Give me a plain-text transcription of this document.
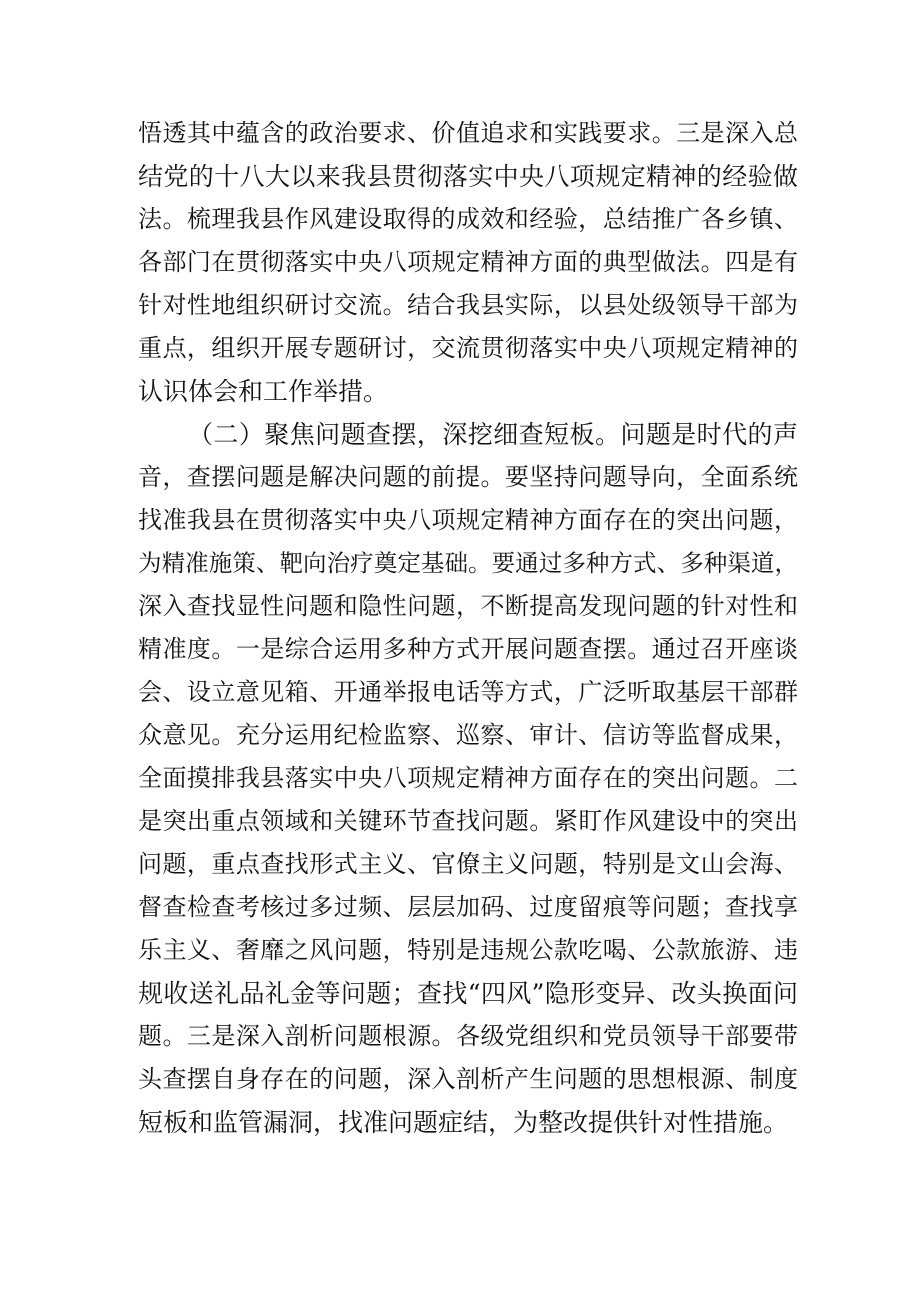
悟透其中蕴含的政治要求、价值追求和实践要求。三是深入总
结党的十八大以来我县贯彻落实中央八项规定精神的经验做
法。梳理我县作风建设取得的成效和经验，总结推广各乡镇、
各部门在贯彻落实中央八项规定精神方面的典型做法。四是有
针对性地组织研讨交流。结合我县实际，以县处级领导干部为
重点，组织开展专题研讨，交流贯彻落实中央八项规定精神的
认识体会和工作举措。
（二）聚焦问题查摆，深挖细查短板。问题是时代的声
音，查摆问题是解决问题的前提。要坚持问题导向，全面系统
找准我县在贯彻落实中央八项规定精神方面存在的突出问题，
为精准施策、靶向治疗奠定基础。要通过多种方式、多种渠道，
深入查找显性问题和隐性问题，不断提高发现问题的针对性和
精准度。一是综合运用多种方式开展问题查摆。通过召开座谈
会、设立意见箱、开通举报电话等方式，广泛听取基层干部群
众意见。充分运用纪检监察、巡察、审计、信访等监督成果，
全面摸排我县落实中央八项规定精神方面存在的突出问题。二
是突出重点领域和关键环节查找问题。紧盯作风建设中的突出
问题，重点查找形式主义、官僚主义问题，特别是文山会海、
督查检查考核过多过频、层层加码、过度留痕等问题；查找享
乐主义、奢靡之风问题，特别是违规公款吃喝、公款旅游、违
规收送礼品礼金等问题；查找“四风”隐形变异、改头换面问
题。三是深入剖析问题根源。各级党组织和党员领导干部要带
头查摆自身存在的问题，深入剖析产生问题的思想根源、制度
短板和监管漏洞，找准问题症结，为整改提供针对性措施。
